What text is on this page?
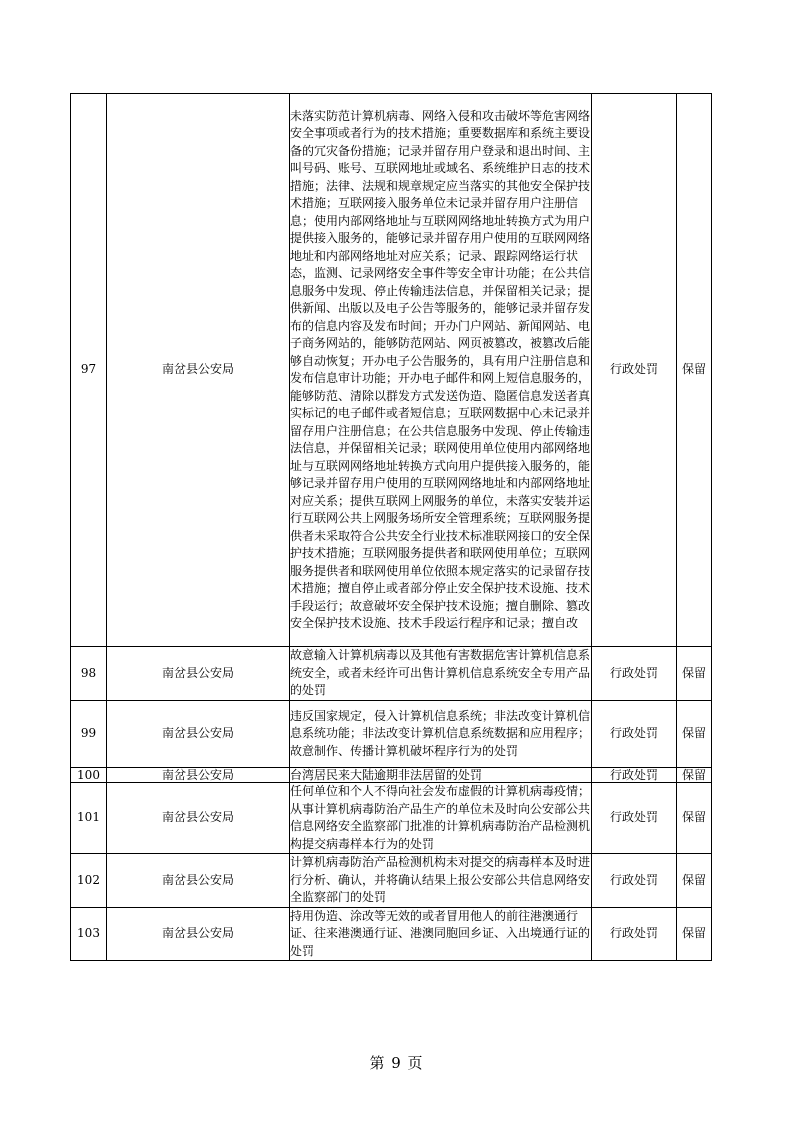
97	南岔县公安局	未落实防范计算机病毒、网络入侵和攻击破坏等危害网络安全事项或者行为的技术措施；重要数据库和系统主要设备的冗灾备份措施；记录并留存用户登录和退出时间、主叫号码、账号、互联网地址或域名、系统维护日志的技术措施；法律、法规和规章规定应当落实的其他安全保护技术措施；互联网接入服务单位未记录并留存用户注册信息；使用内部网络地址与互联网网络地址转换方式为用户提供接入服务的，能够记录并留存用户使用的互联网网络地址和内部网络地址对应关系；记录、跟踪网络运行状态，监测、记录网络安全事件等安全审计功能；在公共信息服务中发现、停止传输违法信息，并保留相关记录；提供新闻、出版以及电子公告等服务的，能够记录并留存发布的信息内容及发布时间；开办门户网站、新闻网站、电子商务网站的，能够防范网站、网页被篡改，被篡改后能够自动恢复；开办电子公告服务的，具有用户注册信息和发布信息审计功能；开办电子邮件和网上短信息服务的，能够防范、清除以群发方式发送伪造、隐匿信息发送者真实标记的电子邮件或者短信息；互联网数据中心未记录并留存用户注册信息；在公共信息服务中发现、停止传输违法信息，并保留相关记录；联网使用单位使用内部网络地址与互联网网络地址转换方式向用户提供接入服务的，能够记录并留存用户使用的互联网网络地址和内部网络地址对应关系；提供互联网上网服务的单位，未落实安装并运行互联网公共上网服务场所安全管理系统；互联网服务提供者未采取符合公共安全行业技术标准联网接口的安全保护技术措施；互联网服务提供者和联网使用单位；互联网服务提供者和联网使用单位依照本规定落实的记录留存技术措施；擅自停止或者部分停止安全保护技术设施、技术手段运行；故意破坏安全保护技术设施；擅自删除、篡改安全保护技术设施、技术手段运行程序和记录；擅自改	行政处罚	保留
98	南岔县公安局	故意输入计算机病毒以及其他有害数据危害计算机信息系统安全，或者未经许可出售计算机信息系统安全专用产品的处罚	行政处罚	保留
99	南岔县公安局	违反国家规定，侵入计算机信息系统；非法改变计算机信息系统功能；非法改变计算机信息系统数据和应用程序；故意制作、传播计算机破坏程序行为的处罚	行政处罚	保留
100	南岔县公安局	台湾居民来大陆逾期非法居留的处罚	行政处罚	保留
101	南岔县公安局	任何单位和个人不得向社会发布虚假的计算机病毒疫情；从事计算机病毒防治产品生产的单位未及时向公安部公共信息网络安全监察部门批准的计算机病毒防治产品检测机构提交病毒样本行为的处罚	行政处罚	保留
102	南岔县公安局	计算机病毒防治产品检测机构未对提交的病毒样本及时进行分析、确认，并将确认结果上报公安部公共信息网络安全监察部门的处罚	行政处罚	保留
103	南岔县公安局	持用伪造、涂改等无效的或者冒用他人的前往港澳通行证、往来港澳通行证、港澳同胞回乡证、入出境通行证的处罚	行政处罚	保留
第 9 页
